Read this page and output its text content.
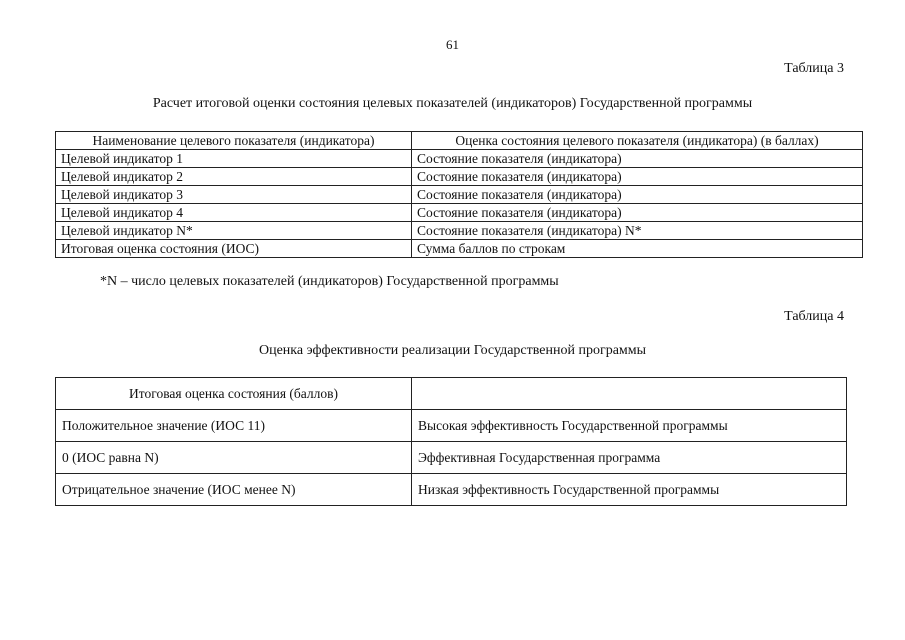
61
Таблица 3
Расчет итоговой оценки состояния целевых показателей (индикаторов) Государственной программы
Наименование целевого показателя (индикатора)	Оценка состояния целевого показателя (индикатора) (в баллах)
Целевой индикатор 1	Состояние показателя (индикатора)
Целевой индикатор 2	Состояние показателя (индикатора)
Целевой индикатор 3	Состояние показателя (индикатора)
Целевой индикатор 4	Состояние показателя (индикатора)
Целевой индикатор N*	Состояние показателя (индикатора) N*
Итоговая оценка состояния (ИОС)	Сумма баллов по строкам
*N – число целевых показателей (индикаторов) Государственной программы
Таблица 4
Оценка эффективности реализации Государственной программы
Итоговая оценка состояния (баллов)	
Положительное значение (ИОС 11)	Высокая эффективность Государственной программы
0 (ИОС равна N)	Эффективная Государственная программа
Отрицательное значение (ИОС менее N)	Низкая эффективность Государственной программы
